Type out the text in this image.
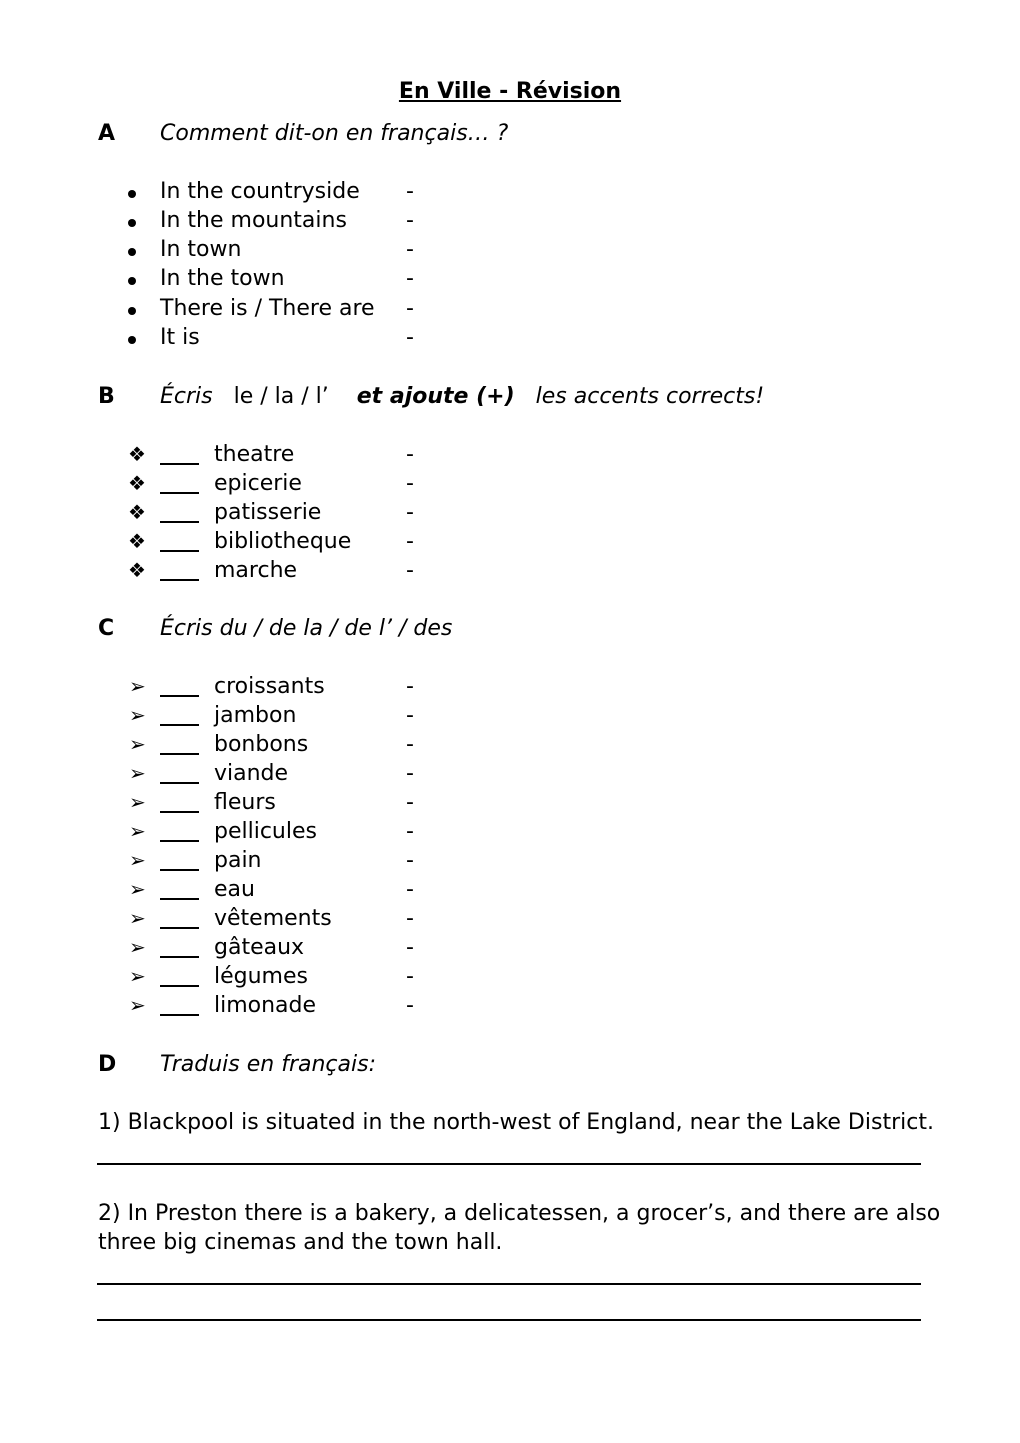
En Ville - Révision
A Comment dit-on en français… ?
In the countryside -
In the mountains	-
In town	-
In the town	-
There is / There are -
It is	-
B Écris le / la / l’ et ajoute (+) les accents corrects!
❖	theatre	-
❖	epicerie	-
❖	patisserie	-
❖	bibliotheque -
❖	marche	-
C Écris du / de la / de l’ / des
➢	croissants	-
➢	jambon	-
➢	bonbons	-
➢	viande	-
➢	fleurs	-
➢	pellicules	-
➢	pain	-
➢	eau	-
➢	vêtements	-
➢	gâteaux	-
➢	légumes	-
➢	limonade	-
D Traduis en français:
1) Blackpool is situated in the north-west of England, near the Lake District.
2) In Preston there is a bakery, a delicatessen, a grocer’s, and there are also
three big cinemas and the town hall.
